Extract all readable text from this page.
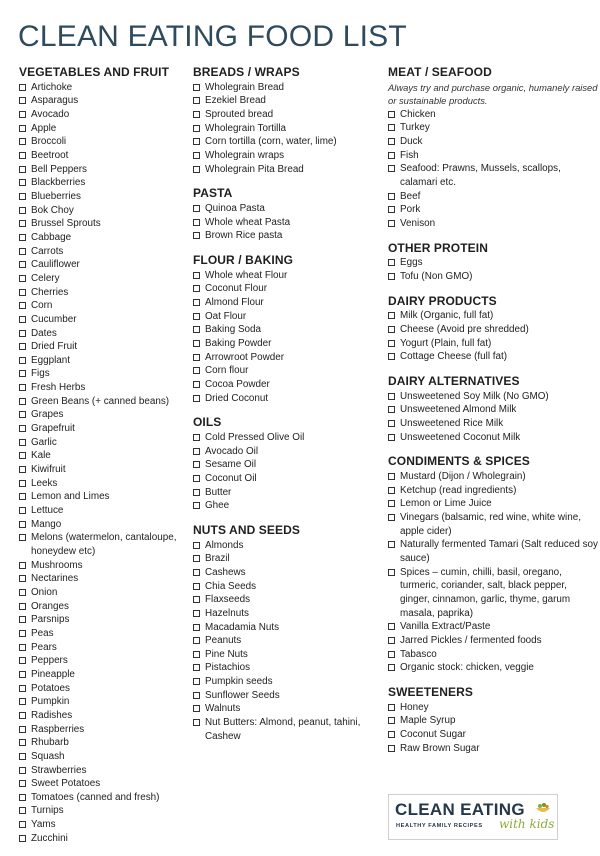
CLEAN EATING FOOD LIST
VEGETABLES AND FRUIT
Artichoke
Asparagus
Avocado
Apple
Broccoli
Beetroot
Bell Peppers
Blackberries
Blueberries
Bok Choy
Brussel Sprouts
Cabbage
Carrots
Cauliflower
Celery
Cherries
Corn
Cucumber
Dates
Dried Fruit
Eggplant
Figs
Fresh Herbs
Green Beans (+ canned beans)
Grapes
Grapefruit
Garlic
Kale
Kiwifruit
Leeks
Lemon and Limes
Lettuce
Mango
Melons (watermelon, cantaloupe, honeydew etc)
Mushrooms
Nectarines
Onion
Oranges
Parsnips
Peas
Pears
Peppers
Pineapple
Potatoes
Pumpkin
Radishes
Raspberries
Rhubarb
Squash
Strawberries
Sweet Potatoes
Tomatoes (canned and fresh)
Turnips
Yams
Zucchini
BREADS / WRAPS
Wholegrain Bread
Ezekiel Bread
Sprouted bread
Wholegrain Tortilla
Corn tortilla (corn, water, lime)
Wholegrain wraps
Wholegrain Pita Bread
PASTA
Quinoa Pasta
Whole wheat Pasta
Brown Rice pasta
FLOUR / BAKING
Whole wheat Flour
Coconut Flour
Almond Flour
Oat Flour
Baking Soda
Baking Powder
Arrowroot Powder
Corn flour
Cocoa Powder
Dried Coconut
OILS
Cold Pressed Olive Oil
Avocado Oil
Sesame Oil
Coconut Oil
Butter
Ghee
NUTS AND SEEDS
Almonds
Brazil
Cashews
Chia Seeds
Flaxseeds
Hazelnuts
Macadamia Nuts
Peanuts
Pine Nuts
Pistachios
Pumpkin seeds
Sunflower Seeds
Walnuts
Nut Butters: Almond, peanut, tahini, Cashew
MEAT / SEAFOOD

Always try and purchase organic, humanely raised or sustainable products.

Chicken
Turkey
Duck
Fish
Seafood: Prawns, Mussels, scallops, calamari etc.
Beef
Pork
Venison
OTHER PROTEIN
Eggs
Tofu (Non GMO)
DAIRY PRODUCTS
Milk (Organic, full fat)
Cheese (Avoid pre shredded)
Yogurt (Plain, full fat)
Cottage Cheese (full fat)
DAIRY ALTERNATIVES
Unsweetened Soy Milk (No GMO)
Unsweetened Almond Milk
Unsweetened Rice Milk
Unsweetened Coconut Milk
CONDIMENTS & SPICES
Mustard (Dijon / Wholegrain)
Ketchup (read ingredients)
Lemon or Lime Juice
Vinegars (balsamic, red wine, white wine, apple cider)
Naturally fermented Tamari (Salt reduced soy sauce)
Spices – cumin, chilli, basil, oregano, turmeric, coriander, salt, black pepper, ginger, cinnamon, garlic, thyme, garum masala, paprika)
Vanilla Extract/Paste
Jarred Pickles / fermented foods
Tabasco
Organic stock: chicken, veggie
SWEETENERS
Honey
Maple Syrup
Coconut Sugar
Raw Brown Sugar
CLEAN EATING
HEALTHY FAMILY RECIPES with kids
